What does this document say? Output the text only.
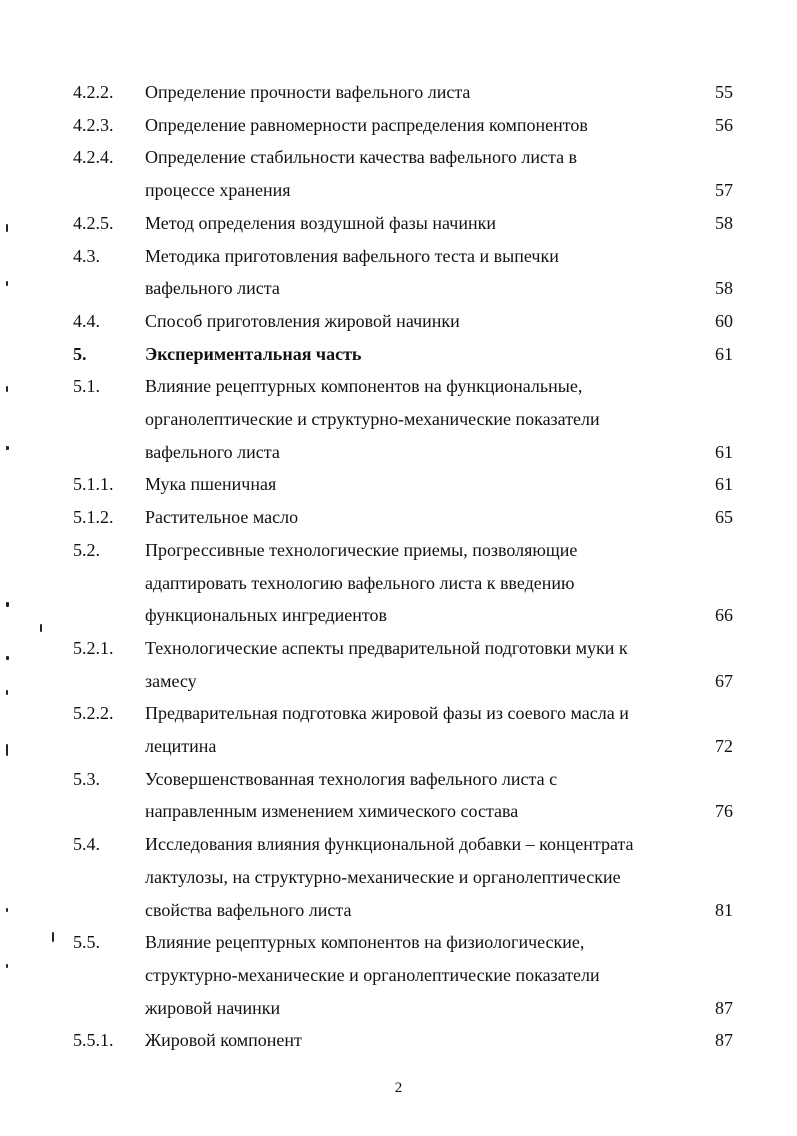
4.2.2. Определение прочности вафельного листа	55
4.2.3. Определение равномерности распределения компонентов	56
4.2.4. Определение стабильности качества вафельного листа в
процессе хранения	57
4.2.5. Метод определения воздушной фазы начинки	58
4.3.	Методика приготовления вафельного теста и выпечки
вафельного листа	58
4.4.	Способ приготовления жировой начинки	60
5.	Экспериментальная часть	61
5.1.	Влияние рецептурных компонентов на функциональные,
органолептические и структурно-механические показатели
вафельного листа	61
5.1.1. Мука пшеничная	61
5.1.2. Растительное масло	65
5.2.	Прогрессивные технологические приемы, позволяющие
адаптировать технологию вафельного листа к введению
функциональных ингредиентов	66
5.2.1. Технологические аспекты предварительной подготовки муки к
замесу	67
5.2.2. Предварительная подготовка жировой фазы из соевого масла и
лецитина	72
5.3.	Усовершенствованная технология вафельного листа с
направленным изменением химического состава	76
5.4.	Исследования влияния функциональной добавки – концентрата
лактулозы, на структурно-механические и органолептические
свойства вафельного листа	81
5.5.	Влияние рецептурных компонентов на физиологические,
структурно-механические и органолептические показатели
жировой начинки	87
5.5.1. Жировой компонент	87
2
